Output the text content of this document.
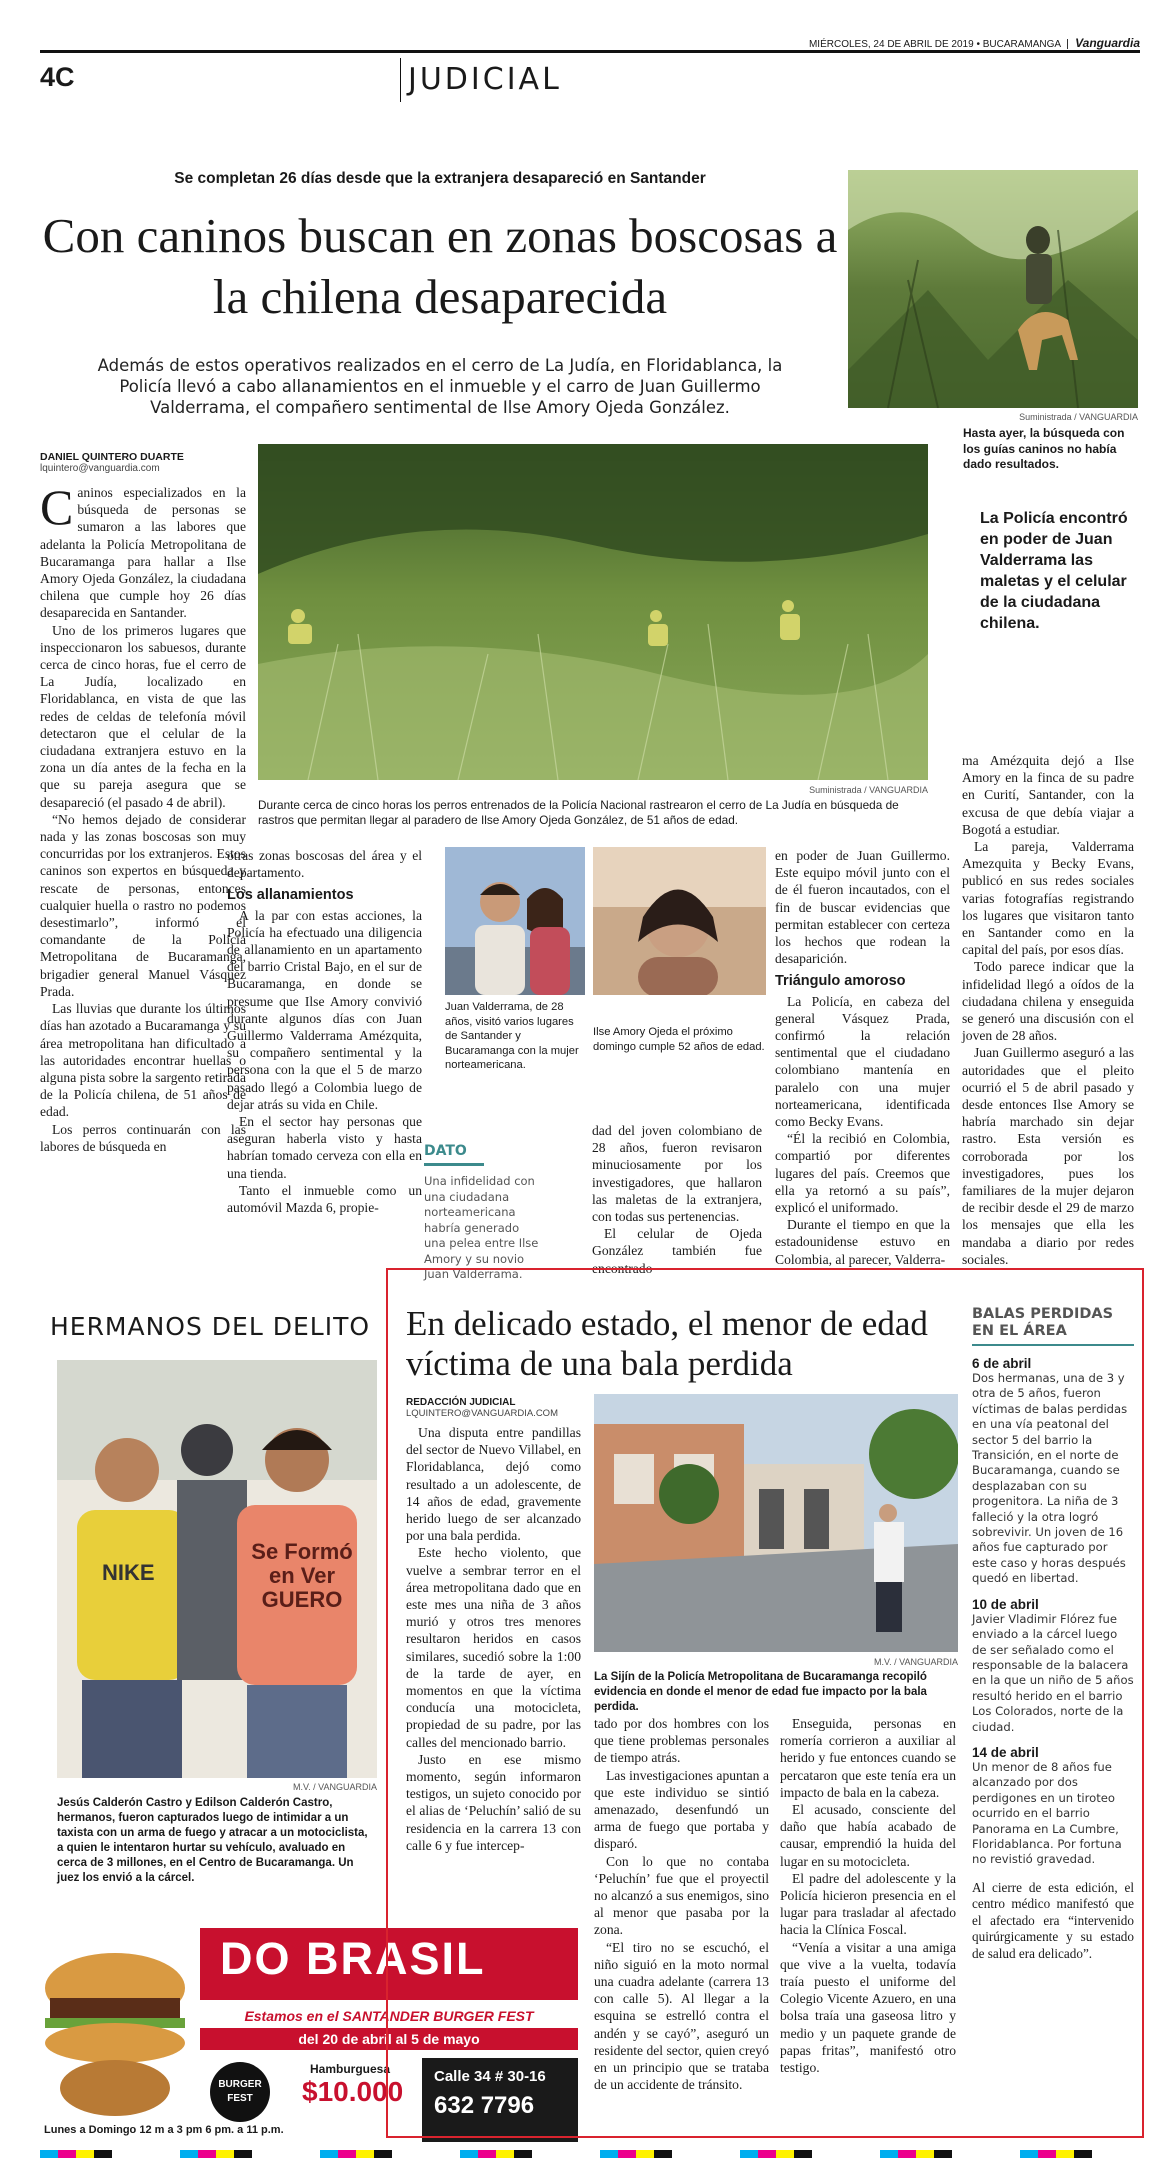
MIÉRCOLES, 24 DE ABRIL DE 2019 • BUCARAMANGA Vanguardia
4C	JUDICIAL
Se completan 26 días desde que la extranjera desapareció en Santander
Con caninos buscan en zonas boscosas a la chilena desaparecida
Además de estos operativos realizados en el cerro de La Judía, en Floridablanca, la Policía llevó a cabo allanamientos en el inmueble y el carro de Juan Guillermo Valderrama, el compañero sentimental de Ilse Amory Ojeda González.	Suministrada / VANGUARDIA
Hasta ayer, la búsqueda con los guías caninos no había dado resultados.
DANIEL QUINTERO DUARTE
lquintero@vanguardia.com
Suministrada / VANGUARDIA
Durante cerca de cinco horas los perros entrenados de la Policía Nacional rastrearon el cerro de La Judía en búsqueda de rastros que permitan llegar al paradero de Ilse Amory Ojeda González, de 51 años de edad.
La Policía encontró en poder de Juan Valderrama las maletas y el celular de la ciudadana chilena.

Caninos especializados en la búsqueda de personas se sumaron a las labores que adelanta la Policía Metropolitana de Bucaramanga para hallar a Ilse Amory Ojeda González, la ciudadana chilena que cumple hoy 26 días desaparecida en Santander.

Uno de los primeros lugares que inspeccionaron los sabuesos, durante cerca de cinco horas, fue el cerro de La Judía, localizado en Floridablanca, en vista de que las redes de celdas de telefonía móvil detectaron que el celular de la ciudadana extranjera estuvo en la zona un día antes de la fecha en la que su pareja asegura que se desapareció (el pasado 4 de abril).

“No hemos dejado de considerar nada y las zonas boscosas son muy concurridas por los extranjeros. Estos caninos son expertos en búsqueda y rescate de personas, entonces cualquier huella o rastro no podemos desestimarlo”, informó el comandante de la Policía Metropolitana de Bucaramanga, brigadier general Manuel Vásquez Prada.

Las lluvias que durante los últimos días han azotado a Bucaramanga y su área metropolitana han dificultado a las autoridades encontrar huellas o alguna pista sobre la sargento retirada de la Policía chilena, de 51 años de edad.

Los perros continuarán con las labores de búsqueda en

otras zonas boscosas del área y el departamento.

Los allanamientos

A la par con estas acciones, la Policía ha efectuado una diligencia de allanamiento en un apartamento del barrio Cristal Bajo, en el sur de Bucaramanga, en donde se presume que Ilse Amory convivió durante algunos días con Juan Guillermo Valderrama Amézquita, su compañero sentimental y la persona con la que el 5 de marzo pasado llegó a Colombia luego de dejar atrás su vida en Chile.

En el sector hay personas que aseguran haberla visto y hasta habrían tomado cerveza con ella en una tienda.

Tanto el inmueble como un automóvil Mazda 6, propie-

Juan Valderrama, de 28 años, visitó varios lugares de Santander y Bucaramanga con la mujer norteamericana.
Ilse Amory Ojeda el próximo domingo cumple 52 años de edad.
DATO
Una infidelidad con una ciudadana norteamericana habría generado una pelea entre Ilse Amory y su novio Juan Valderrama.

dad del joven colombiano de 28 años, fueron revisaron minuciosamente por los investigadores, que hallaron las maletas de la extranjera, con todas sus pertenencias.

El celular de Ojeda González también fue encontrado

en poder de Juan Guillermo. Este equipo móvil junto con el de él fueron incautados, con el fin de buscar evidencias que permitan establecer con certeza los hechos que rodean la desaparición.

Triángulo amoroso

La Policía, en cabeza del general Vásquez Prada, confirmó la relación sentimental que el ciudadano colombiano mantenía en paralelo con una mujer norteamericana, identificada como Becky Evans.

“Él la recibió en Colombia, compartió por diferentes lugares del país. Creemos que ella ya retornó a su país”, explicó el uniformado.

Durante el tiempo en que la estadounidense estuvo en Colombia, al parecer, Valderra-

ma Amézquita dejó a Ilse Amory en la finca de su padre en Curití, Santander, con la excusa de que debía viajar a Bogotá a estudiar.

La pareja, Valderrama Amezquita y Becky Evans, publicó en sus redes sociales varias fotografías registrando los lugares que visitaron tanto en Santander como en la capital del país, por esos días.

Todo parece indicar que la infidelidad llegó a oídos de la ciudadana chilena y enseguida se generó una discusión con el joven de 28 años.

Juan Guillermo aseguró a las autoridades que el pleito ocurrió el 5 de abril pasado y desde entonces Ilse Amory se habría marchado sin dejar rastro. Esta versión es corroborada por los investigadores, pues los familiares de la mujer dejaron de recibir desde el 29 de marzo los mensajes que ella les mandaba a diario por redes sociales.

HERMANOS DEL DELITO
NIKE
Se Formó en Ver GUERO
M.V. / VANGUARDIA
Jesús Calderón Castro y Edilson Calderón Castro, hermanos, fueron capturados luego de intimidar a un taxista con un arma de fuego y atracar a un motociclista, a quien le intentaron hurtar su vehículo, avaluado en cerca de 3 millones, en el Centro de Bucaramanga. Un juez los envió a la cárcel.
DO BRASIL
Estamos en el SANTANDER BURGER FEST
del 20 de abril al 5 de mayo
BURGER FEST
Hamburguesa
$10.000 Calle 34 # 30-16
632 7796
Lunes a Domingo 12 m a 3 pm 6 pm. a 11 p.m.
En delicado estado, el menor de edad víctima de una bala perdida
REDACCIÓN JUDICIAL
LQUINTERO@VANGUARDIA.COM
M.V. / VANGUARDIA
La Sijín de la Policía Metropolitana de Bucaramanga recopiló evidencia en donde el menor de edad fue impacto por la bala perdida.

Una disputa entre pandillas del sector de Nuevo Villabel, en Floridablanca, dejó como resultado a un adolescente, de 14 años de edad, gravemente herido luego de ser alcanzado por una bala perdida.

Este hecho violento, que vuelve a sembrar terror en el área metropolitana dado que en este mes una niña de 3 años murió y otros tres menores resultaron heridos en casos similares, sucedió sobre la 1:00 de la tarde de ayer, en momentos en que la víctima conducía una motocicleta, propiedad de su padre, por las calles del mencionado barrio.

Justo en ese mismo momento, según informaron testigos, un sujeto conocido por el alias de ‘Peluchín’ salió de su residencia en la carrera 13 con calle 6 y fue intercep-

tado por dos hombres con los que tiene problemas personales de tiempo atrás.

Las investigaciones apuntan a que este individuo se sintió amenazado, desenfundó un arma de fuego que portaba y disparó.

Con lo que no contaba ‘Peluchín’ fue que el proyectil no alcanzó a sus enemigos, sino al menor que pasaba por la zona.

“El tiro no se escuchó, el niño siguió en la moto normal una cuadra adelante (carrera 13 con calle 5). Al llegar a la esquina se estrelló contra el andén y se cayó”, aseguró un residente del sector, quien creyó en un principio que se trataba de un accidente de tránsito.

Enseguida, personas en romería corrieron a auxiliar al herido y fue entonces cuando se percataron que este tenía era un impacto de bala en la cabeza.

El acusado, consciente del daño que había acabado de causar, emprendió la huida del lugar en su motocicleta.

El padre del adolescente y la Policía hicieron presencia en el lugar para trasladar al afectado hacia la Clínica Foscal.

“Venía a visitar a una amiga que vive a la vuelta, todavía traía puesto el uniforme del Colegio Vicente Azuero, en una bolsa traía una gaseosa litro y medio y un paquete grande de papas fritas”, manifestó otro testigo.

BALAS PERDIDAS EN EL ÁREA
6 de abril
Dos hermanas, una de 3 y otra de 5 años, fueron víctimas de balas perdidas en una vía peatonal del sector 5 del barrio la Transición, en el norte de Bucaramanga, cuando se desplazaban con su progenitora. La niña de 3 falleció y la otra logró sobrevivir. Un joven de 16 años fue capturado por este caso y horas después quedó en libertad.
10 de abril
Javier Vladimir Flórez fue enviado a la cárcel luego de ser señalado como el responsable de la balacera en la que un niño de 5 años resultó herido en el barrio Los Colorados, norte de la ciudad.
14 de abril
Un menor de 8 años fue alcanzado por dos perdigones en un tiroteo ocurrido en el barrio Panorama en La Cumbre, Floridablanca. Por fortuna no revistió gravedad.
Al cierre de esta edición, el centro médico manifestó que el afectado era “intervenido quirúrgicamente y su estado de salud era delicado”.
